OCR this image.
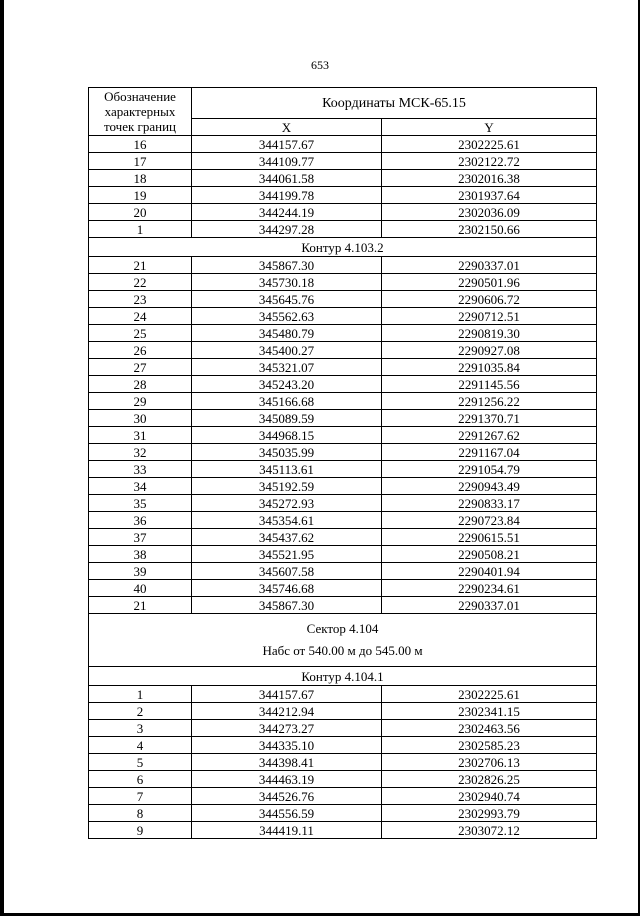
653
Обозначение характерных точек границ	Координаты МСК-65.15	
	X	Y
16	344157.67	2302225.61
17	344109.77	2302122.72
18	344061.58	2302016.38
19	344199.78	2301937.64
20	344244.19	2302036.09
1	344297.28	2302150.66
Контур 4.103.2		
21	345867.30	2290337.01
22	345730.18	2290501.96
23	345645.76	2290606.72
24	345562.63	2290712.51
25	345480.79	2290819.30
26	345400.27	2290927.08
27	345321.07	2291035.84
28	345243.20	2291145.56
29	345166.68	2291256.22
30	345089.59	2291370.71
31	344968.15	2291267.62
32	345035.99	2291167.04
33	345113.61	2291054.79
34	345192.59	2290943.49
35	345272.93	2290833.17
36	345354.61	2290723.84
37	345437.62	2290615.51
38	345521.95	2290508.21
39	345607.58	2290401.94
40	345746.68	2290234.61
21	345867.30	2290337.01

Сектор 4.104
Набс от 540.00 м до 545.00 м		

Контур 4.104.1		
1	344157.67	2302225.61
2	344212.94	2302341.15
3	344273.27	2302463.56
4	344335.10	2302585.23
5	344398.41	2302706.13
6	344463.19	2302826.25
7	344526.76	2302940.74
8	344556.59	2302993.79
9	344419.11	2303072.12
